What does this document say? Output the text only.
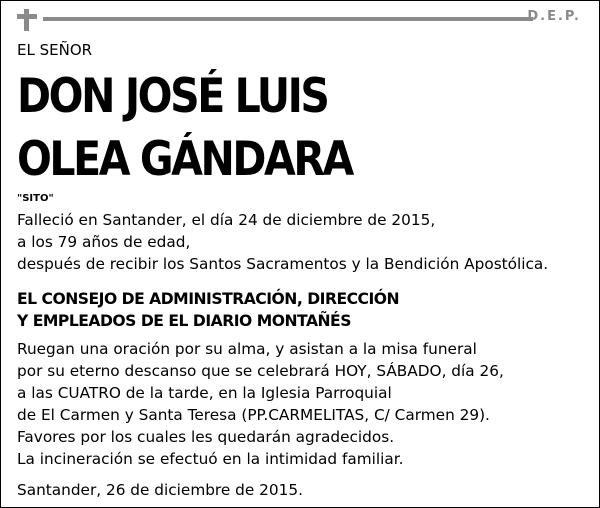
D.E.P.
EL SEÑOR
DON JOSÉ LUIS
OLEA GÁNDARA
"SITO"

Falleció en Santander, el día 24 de diciembre de 2015,

a los 79 años de edad,

después de recibir los Santos Sacramentos y la Bendición Apostólica.

EL CONSEJO DE ADMINISTRACIÓN, DIRECCIÓN

Y EMPLEADOS DE EL DIARIO MONTAÑÉS

Ruegan una oración por su alma, y asistan a la misa funeral

por su eterno descanso que se celebrará HOY, SÁBADO, día 26,

a las CUATRO de la tarde, en la Iglesia Parroquial

de El Carmen y Santa Teresa (PP.CARMELITAS, C/ Carmen 29).

Favores por los cuales les quedarán agradecidos.

La incineración se efectuó en la intimidad familiar.

Santander, 26 de diciembre de 2015.
